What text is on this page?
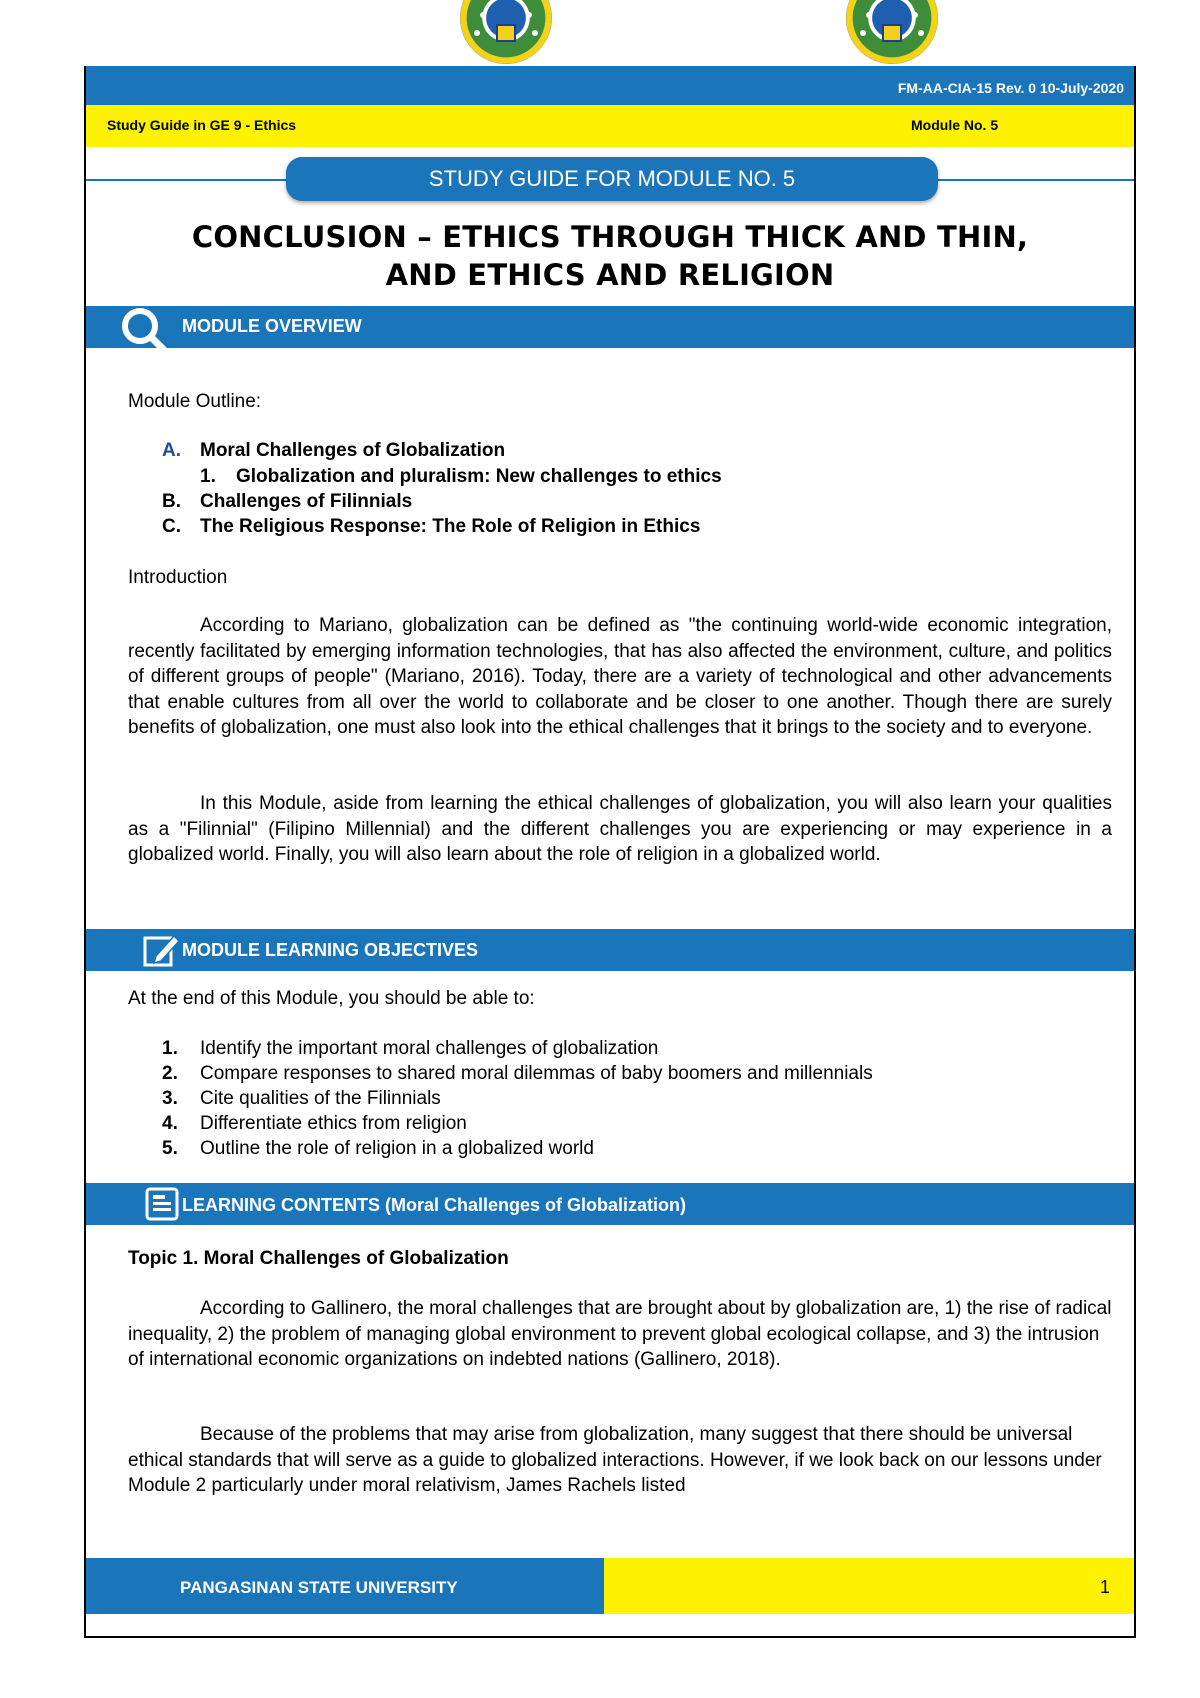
FM-AA-CIA-15 Rev. 0 10-July-2020
Study Guide in GE 9 - Ethics	Module No. 5
STUDY GUIDE FOR MODULE NO. 5
CONCLUSION – ETHICS THROUGH THICK AND THIN,
AND ETHICS AND RELIGION
MODULE OVERVIEW
Module Outline:
A. Moral Challenges of Globalization
1. Globalization and pluralism: New challenges to ethics
B. Challenges of Filinnials
C. The Religious Response: The Role of Religion in Ethics
Introduction

According to Mariano, globalization can be defined as "the continuing world-wide economic integration, recently facilitated by emerging information technologies, that has also affected the environment, culture, and politics of different groups of people" (Mariano, 2016). Today, there are a variety of technological and other advancements that enable cultures from all over the world to collaborate and be closer to one another. Though there are surely benefits of globalization, one must also look into the ethical challenges that it brings to the society and to everyone.

In this Module, aside from learning the ethical challenges of globalization, you will also learn your qualities as a "Filinnial" (Filipino Millennial) and the different challenges you are experiencing or may experience in a globalized world. Finally, you will also learn about the role of religion in a globalized world.

MODULE LEARNING OBJECTIVES
At the end of this Module, you should be able to:
1. Identify the important moral challenges of globalization
2. Compare responses to shared moral dilemmas of baby boomers and millennials
3. Cite qualities of the Filinnials
4. Differentiate ethics from religion
5. Outline the role of religion in a globalized world
LEARNING CONTENTS (Moral Challenges of Globalization)
Topic 1. Moral Challenges of Globalization

According to Gallinero, the moral challenges that are brought about by globalization are, 1) the rise of radical inequality, 2) the problem of managing global environment to prevent global ecological collapse, and 3) the intrusion of international economic organizations on indebted nations (Gallinero, 2018).

Because of the problems that may arise from globalization, many suggest that there should be universal ethical standards that will serve as a guide to globalized interactions. However, if we look back on our lessons under Module 2 particularly under moral relativism, James Rachels listed

PANGASINAN STATE UNIVERSITY	1
